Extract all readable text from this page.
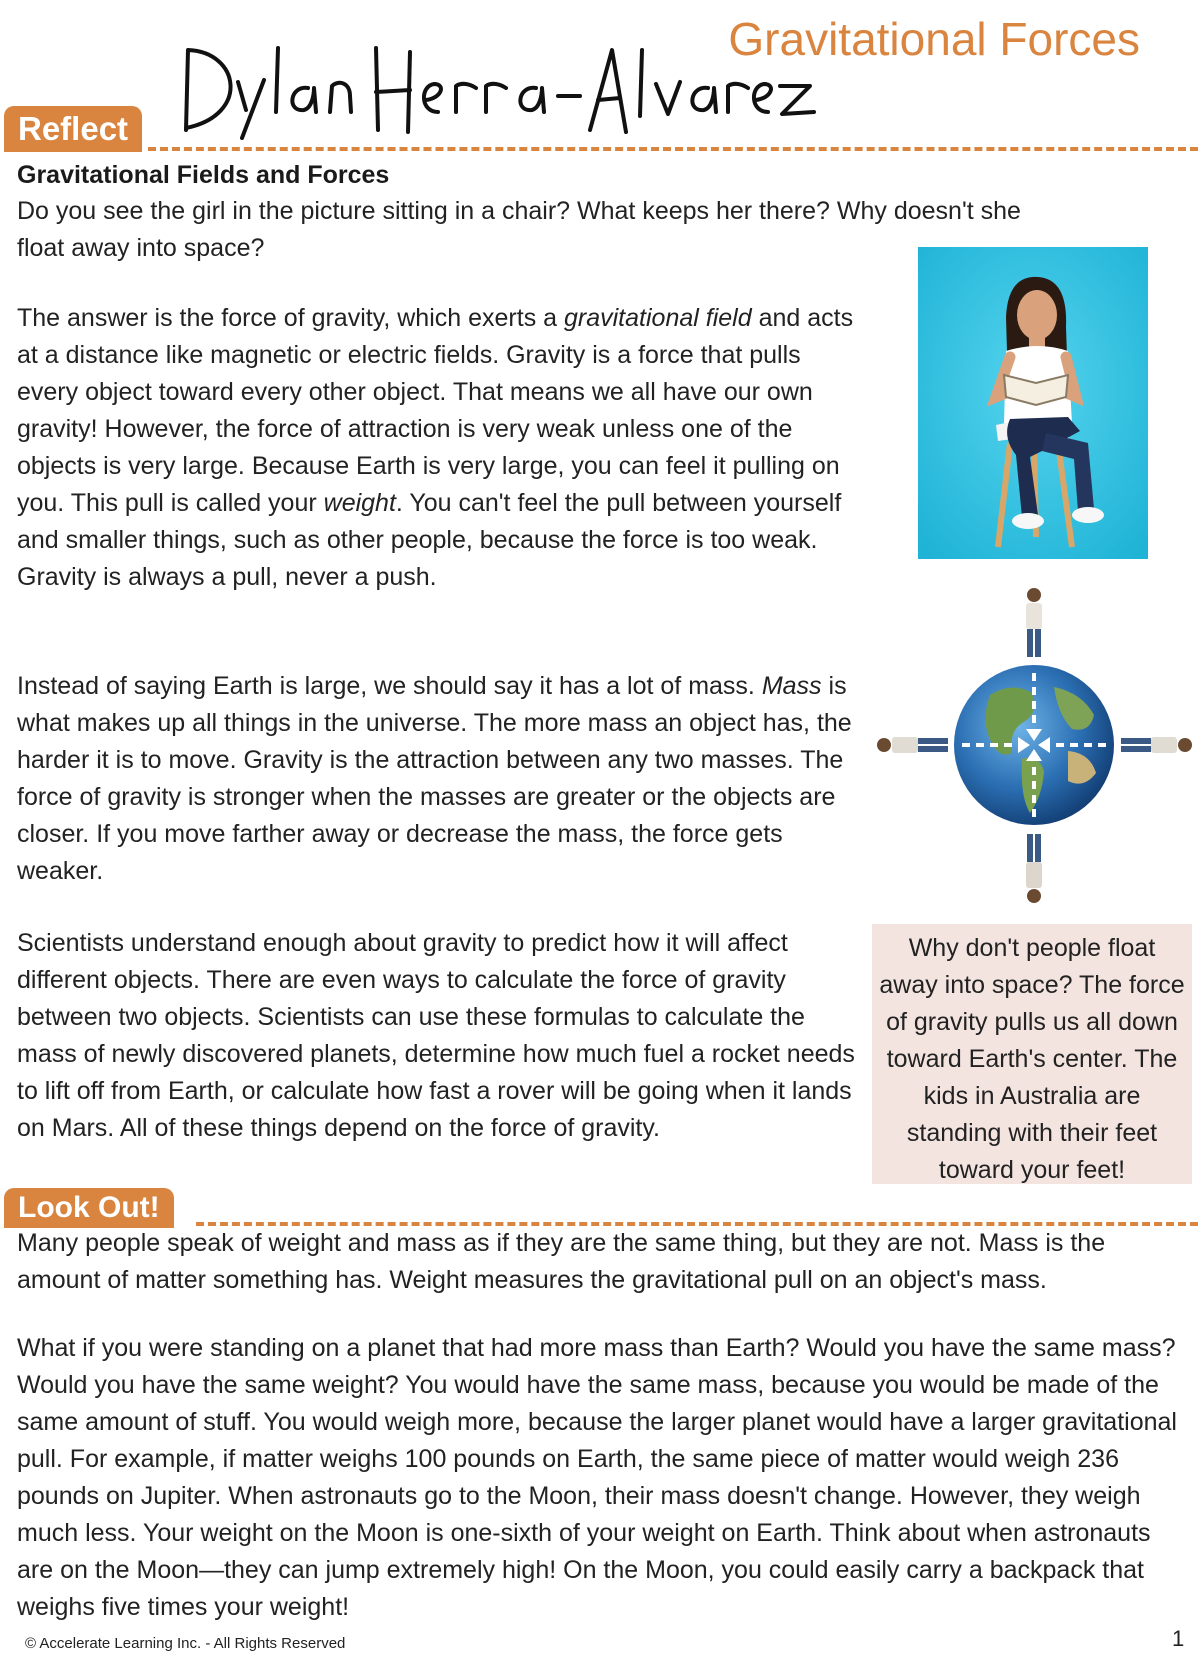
Gravitational Forces
Reflect
Gravitational Fields and Forces

Do you see the girl in the picture sitting in a chair? What keeps her there? Why doesn't she float away into space?

The answer is the force of gravity, which exerts a gravitational field and acts at a distance like magnetic or electric fields. Gravity is a force that pulls every object toward every other object. That means we all have our own gravity! However, the force of attraction is very weak unless one of the objects is very large. Because Earth is very large, you can feel it pulling on you. This pull is called your weight. You can't feel the pull between yourself and smaller things, such as other people, because the force is too weak. Gravity is always a pull, never a push.

Instead of saying Earth is large, we should say it has a lot of mass. Mass is what makes up all things in the universe. The more mass an object has, the harder it is to move. Gravity is the attraction between any two masses. The force of gravity is stronger when the masses are greater or the objects are closer. If you move farther away or decrease the mass, the force gets weaker.

Scientists understand enough about gravity to predict how it will affect different objects. There are even ways to calculate the force of gravity between two objects. Scientists can use these formulas to calculate the mass of newly discovered planets, determine how much fuel a rocket needs to lift off from Earth, or calculate how fast a rover will be going when it lands on Mars. All of these things depend on the force of gravity.

Why don't people float away into space? The force of gravity pulls us all down toward Earth's center. The kids in Australia are standing with their feet toward your feet!
Look Out!

Many people speak of weight and mass as if they are the same thing, but they are not. Mass is the amount of matter something has. Weight measures the gravitational pull on an object's mass.

What if you were standing on a planet that had more mass than Earth? Would you have the same mass? Would you have the same weight? You would have the same mass, because you would be made of the same amount of stuff. You would weigh more, because the larger planet would have a larger gravitational pull. For example, if matter weighs 100 pounds on Earth, the same piece of matter would weigh 236 pounds on Jupiter. When astronauts go to the Moon, their mass doesn't change. However, they weigh much less. Your weight on the Moon is one-sixth of your weight on Earth. Think about when astronauts are on the Moon—they can jump extremely high! On the Moon, you could easily carry a backpack that weighs five times your weight!

© Accelerate Learning Inc. - All Rights Reserved	1
